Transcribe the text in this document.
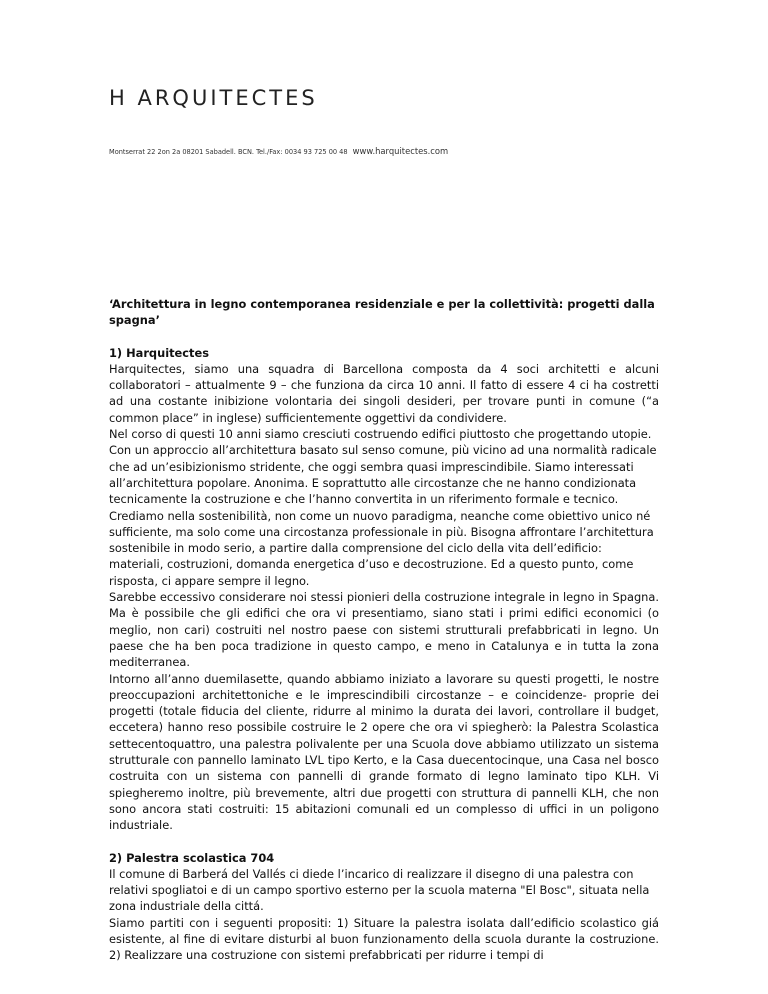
H ARQUITECTES
Montserrat 22 2on 2a 08201 Sabadell. BCN. Tel./Fax: 0034 93 725 00 48 www.harquitectes.com

‘Architettura in legno contemporanea residenziale e per la collettività: progetti dalla spagna’

1) Harquitectes

Harquitectes, siamo una squadra di Barcellona composta da 4 soci architetti e alcuni collaboratori – attualmente 9 – che funziona da circa 10 anni. Il fatto di essere 4 ci ha costretti ad una costante inibizione volontaria dei singoli desideri, per trovare punti in comune (“a common place” in inglese) sufficientemente oggettivi da condividere.

Nel corso di questi 10 anni siamo cresciuti costruendo edifici piuttosto che progettando utopie. Con un approccio all’architettura basato sul senso comune, più vicino ad una normalità radicale che ad un’esibizionismo stridente, che oggi sembra quasi imprescindibile. Siamo interessati all’architettura popolare. Anonima. E soprattutto alle circostanze che ne hanno condizionata tecnicamente la costruzione e che l’hanno convertita in un riferimento formale e tecnico.

Crediamo nella sostenibilità, non come un nuovo paradigma, neanche come obiettivo unico né sufficiente, ma solo come una circostanza professionale in più. Bisogna affrontare l’architettura sostenibile in modo serio, a partire dalla comprensione del ciclo della vita dell’edificio: materiali, costruzioni, domanda energetica d’uso e decostruzione. Ed a questo punto, come risposta, ci appare sempre il legno.

Sarebbe eccessivo considerare noi stessi pionieri della costruzione integrale in legno in Spagna. Ma è possibile che gli edifici che ora vi presentiamo, siano stati i primi edifici economici (o meglio, non cari) costruiti nel nostro paese con sistemi strutturali prefabbricati in legno. Un paese che ha ben poca tradizione in questo campo, e meno in Catalunya e in tutta la zona mediterranea.

Intorno all’anno duemilasette, quando abbiamo iniziato a lavorare su questi progetti, le nostre preoccupazioni architettoniche e le imprescindibili circostanze – e coincidenze- proprie dei progetti (totale fiducia del cliente, ridurre al minimo la durata dei lavori, controllare il budget, eccetera) hanno reso possibile costruire le 2 opere che ora vi spiegherò: la Palestra Scolastica settecentoquattro, una palestra polivalente per una Scuola dove abbiamo utilizzato un sistema strutturale con pannello laminato LVL tipo Kerto, e la Casa duecentocinque, una Casa nel bosco costruita con un sistema con pannelli di grande formato di legno laminato tipo KLH. Vi spiegheremo inoltre, più brevemente, altri due progetti con struttura di pannelli KLH, che non sono ancora stati costruiti: 15 abitazioni comunali ed un complesso di uffici in un poligono industriale.

2) Palestra scolastica 704

Il comune di Barberá del Vallés ci diede l’incarico di realizzare il disegno di una palestra con relativi spogliatoi e di un campo sportivo esterno per la scuola materna "El Bosc", situata nella zona industriale della cittá.

Siamo partiti con i seguenti propositi: 1) Situare la palestra isolata dall’edificio scolastico giá esistente, al fine di evitare disturbi al buon funzionamento della scuola durante la costruzione. 2) Realizzare una costruzione con sistemi prefabbricati per ridurre i tempi di
